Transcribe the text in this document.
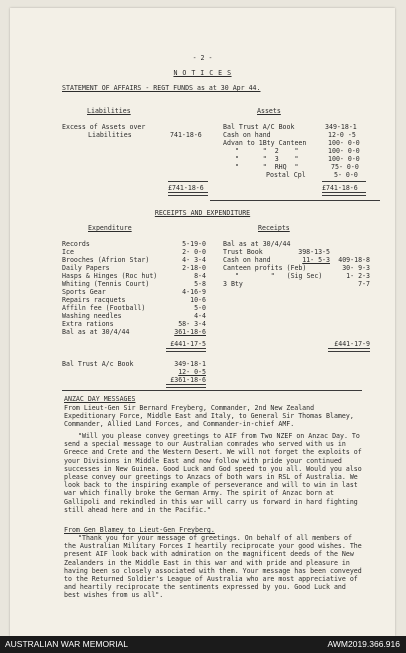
- 2 -
N O T I C E S
STATEMENT OF AFFAIRS - REGT FUNDS as at 30 Apr 44.
Liabilities
Excess of Assets over
Liabilities	741-18-6
£741-18-6
Assets
Bal Trust A/C Book	349-18-1
Cash on hand	12-0 -5
Advan to 1Bty Canteen	100- 0-0
"      "  2    "	100- 0-0
"      "  3    "	100- 0-0
"      "  RHQ  "	75- 0-0
Postal Cpl	5- 0-0
£741-18-6
RECEIPTS AND EXPENDITURE
Expenditure	Receipts
Records	5-19-0
Ice	2- 0-0
Brooches (Afrion Star)	4- 3-4
Daily Papers	2-18-0
Hasps & Hinges (Roc hut)	8-4
Whiting (Tennis Court)	5-8
Sports Gear	4-16-9
Repairs racquets	10-6
Affiln fee (Football)	5-0
Washing needles	4-4
Extra rations	58- 3-4
Bal as at 30/4/44	361-18-6
£441-17-5
Bal as at 30/4/44
Trust Book	398-13-5
Cash on hand	11- 5-3	409-18-8
Canteen profits (Feb)	30- 9-3
"        "   (Sig Sec)	1- 2-3
3 Bty	7-7
£441-17-9
Bal Trust A/c Book	349-18-1
12- 0-5
£361-18-6
ANZAC DAY MESSAGES
From Lieut-Gen Sir Bernard Freyberg, Commander, 2nd New Zealand Expeditionary Force, Middle East and Italy, to General Sir Thomas Blamey, Commander, Allied Land Forces, and Commander-in-chief AMF.
"Will you please convey greetings to AIF from Two NZEF on Anzac Day. To send a special message to our Australian comrades who served with us in Greece and Crete and the Western Desert. We will not forget the exploits of your Divisions in Middle East and now follow with pride your continued successes in New Guinea. Good Luck and God speed to you all. Would you also please convey our greetings to Anzacs of both wars in RSL of Australia. We look back to the inspiring example of perseverance and will to win in last war which finally broke the German Army. The spirit of Anzac born at Gallipoli and rekindled in this war will carry us forward in hard fighting still ahead here and in the Pacific."
From Gen Blamey to Lieut-Gen Freyberg.
"Thank you for your message of greetings. On behalf of all members of the Australian Military Forces I heartily reciprocate your good wishes. The present AIF look back with admiration on the magnificent deeds of the New Zealanders in the Middle East in this war and with pride and pleasure in having been so closely associated with them. Your message has been conveyed to the Returned Soldier's League of Australia who are most appreciative of and heartily reciprocate the sentiments expressed by you. Good Luck and best wishes from us all".
AUSTRALIAN WAR MEMORIAL	AWM2019.366.916
